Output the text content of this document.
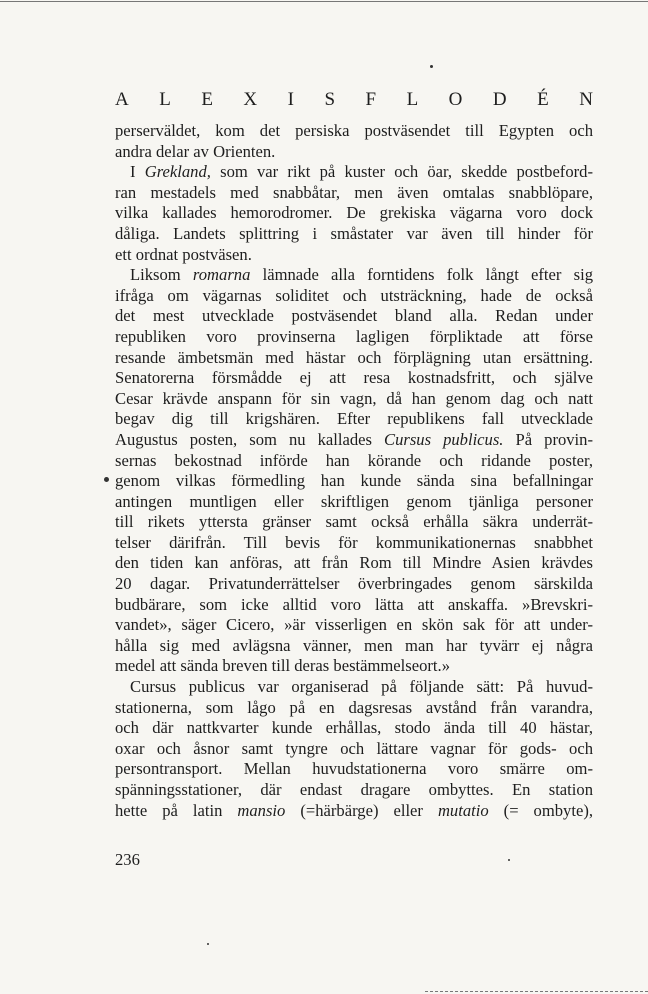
A L E X I S F L O D É N
perserväldet, kom det persiska postväsendet till Egypten och
andra delar av Orienten.
I Grekland, som var rikt på kuster och öar, skedde postbeford-
ran mestadels med snabbåtar, men även omtalas snabblöpare,
vilka kallades hemorodromer. De grekiska vägarna voro dock
dåliga. Landets splittring i småstater var även till hinder för
ett ordnat postväsen.
Liksom romarna lämnade alla forntidens folk långt efter sig
ifråga om vägarnas soliditet och utsträckning, hade de också
det mest utvecklade postväsendet bland alla. Redan under
republiken voro provinserna lagligen förpliktade att förse
resande ämbetsmän med hästar och förplägning utan ersättning.
Senatorerna försmådde ej att resa kostnadsfritt, och själve
Cesar krävde anspann för sin vagn, då han genom dag och natt
begav dig till krigshären. Efter republikens fall utvecklade
Augustus posten, som nu kallades Cursus publicus. På provin-
sernas bekostnad införde han körande och ridande poster,
genom vilkas förmedling han kunde sända sina befallningar
antingen muntligen eller skriftligen genom tjänliga personer
till rikets yttersta gränser samt också erhålla säkra underrät-
telser därifrån. Till bevis för kommunikationernas snabbhet
den tiden kan anföras, att från Rom till Mindre Asien krävdes
20 dagar. Privatunderrättelser överbringades genom särskilda
budbärare, som icke alltid voro lätta att anskaffa. »Brevskri-
vandet», säger Cicero, »är visserligen en skön sak för att under-
hålla sig med avlägsna vänner, men man har tyvärr ej några
medel att sända breven till deras bestämmelseort.»
Cursus publicus var organiserad på följande sätt: På huvud-
stationerna, som lågo på en dagsresas avstånd från varandra,
och där nattkvarter kunde erhållas, stodo ända till 40 hästar,
oxar och åsnor samt tyngre och lättare vagnar för gods- och
persontransport. Mellan huvudstationerna voro smärre om-
spänningsstationer, där endast dragare ombyttes. En station
hette på latin mansio (=härbärge) eller mutatio (= ombyte),
236
